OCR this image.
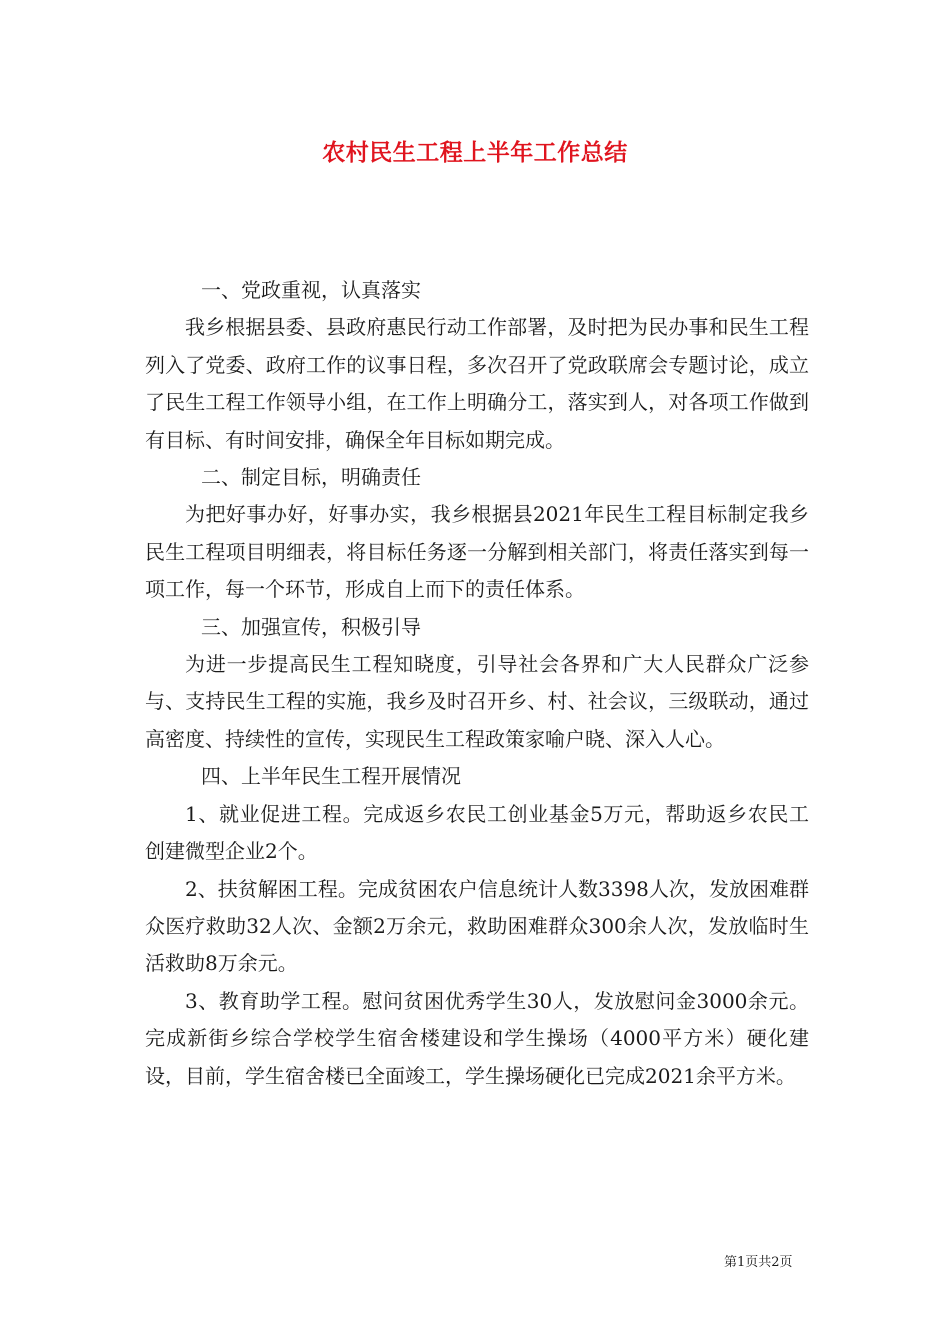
农村民生工程上半年工作总结

一、党政重视，认真落实

我乡根据县委、县政府惠民行动工作部署，及时把为民办事和民生工程列入了党委、政府工作的议事日程，多次召开了党政联席会专题讨论，成立了民生工程工作领导小组，在工作上明确分工，落实到人，对各项工作做到有目标、有时间安排，确保全年目标如期完成。

二、制定目标，明确责任

为把好事办好，好事办实，我乡根据县2021年民生工程目标制定我乡民生工程项目明细表，将目标任务逐一分解到相关部门，将责任落实到每一项工作，每一个环节，形成自上而下的责任体系。

三、加强宣传，积极引导

为进一步提高民生工程知晓度，引导社会各界和广大人民群众广泛参与、支持民生工程的实施，我乡及时召开乡、村、社会议，三级联动，通过高密度、持续性的宣传，实现民生工程政策家喻户晓、深入人心。

四、上半年民生工程开展情况

1、就业促进工程。完成返乡农民工创业基金5万元，帮助返乡农民工创建微型企业2个。

2、扶贫解困工程。完成贫困农户信息统计人数3398人次，发放困难群众医疗救助32人次、金额2万余元，救助困难群众300余人次，发放临时生活救助8万余元。

3、教育助学工程。慰问贫困优秀学生30人，发放慰问金3000余元。完成新街乡综合学校学生宿舍楼建设和学生操场（4000平方米）硬化建设，目前，学生宿舍楼已全面竣工，学生操场硬化已完成2021余平方米。

第1页共2页
